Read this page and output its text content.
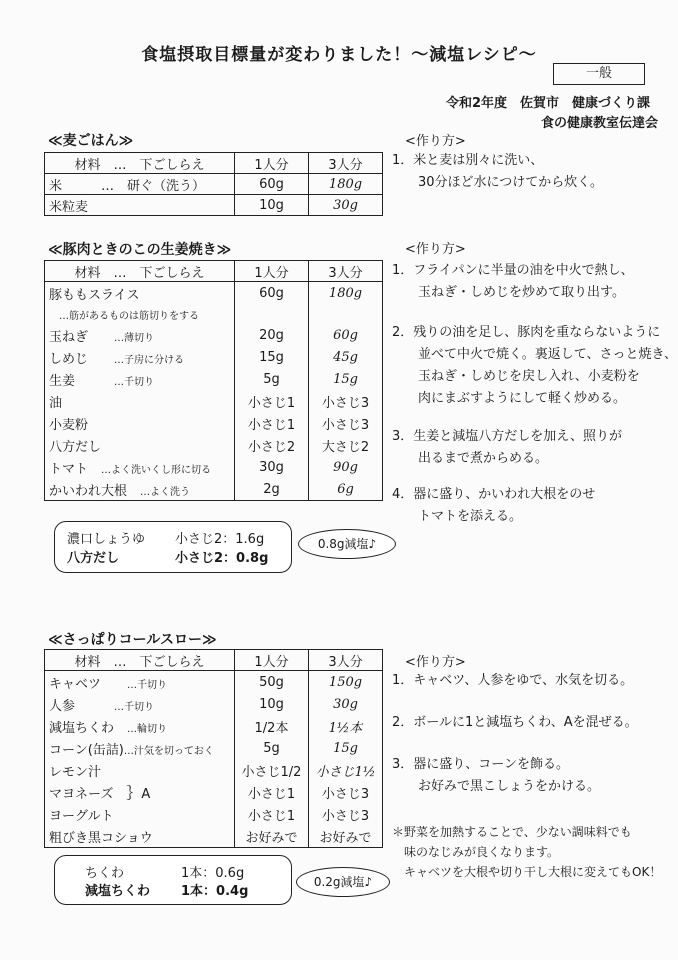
食塩摂取目標量が変わりました！～減塩レシピ～
一般
令和2年度　佐賀市　健康づくり課
食の健康教室伝達会
≪麦ごはん≫
材料　…　下ごしらえ	1人分	3人分
米　　　 …　研ぐ（洗う）	60g	180g
米粒麦	10g	30g
<作り方>
1．米と麦は別々に洗い、
　　30分ほど水につけてから炊く。
≪豚肉ときのこの生姜焼き≫
材料　…　下ごしらえ	1人分	3人分
豚ももスライス	60g	180g
…筋があるものは筋切りをする		
玉ねぎ　　 …薄切り	20g	60g
しめじ　　 …子房に分ける	15g	45g
生姜　　　 …千切り	5g	15g
油	小さじ1	小さじ3
小麦粉	小さじ1	小さじ3
八方だし	小さじ2	大さじ2
トマト　 …よく洗いくし形に切る	30g	90g
かいわれ大根　 …よく洗う	2g	6g
<作り方>
1．フライパンに半量の油を中火で熱し、
　　玉ねぎ・しめじを炒めて取り出す。
2．残りの油を足し、豚肉を重ならないように
　　並べて中火で焼く。裏返して、さっと焼き、
　　玉ねぎ・しめじを戻し入れ、小麦粉を
　　肉にまぶすようにして軽く炒める。
3．生姜と減塩八方だしを加え、照りが
　　出るまで煮からめる。
4．器に盛り、かいわれ大根をのせ
　　トマトを添える。
濃口しょうゆ 小さじ2：1.6g
八方だし	小さじ2：0.8g
0.8g減塩♪
≪さっぱりコールスロー≫
材料　…　下ごしらえ	1人分	3人分
キャベツ　　 …千切り	50g	150g
人参　　　 …千切り	10g	30g
減塩ちくわ　 …輪切り	1/2本	1½本
コーン(缶詰)…汁気を切っておく	5g	15g
レモン汁	小さじ1/2	小さじ1½
マヨネーズ　 ｝A	小さじ1	小さじ3
ヨーグルト	小さじ1	小さじ3
粗びき黒コショウ	お好みで	お好みで
<作り方>
1．キャベツ、人参をゆで、水気を切る。
2．ボールに1と減塩ちくわ、Aを混ぜる。
3．器に盛り、コーンを飾る。
　　お好みで黒こしょうをかける。
＊野菜を加熱することで、少ない調味料でも
　味のなじみが良くなります。
　キャベツを大根や切り干し大根に変えてもOK！
ちくわ	1本：0.6g
減塩ちくわ 1本：0.4g
0.2g減塩♪
